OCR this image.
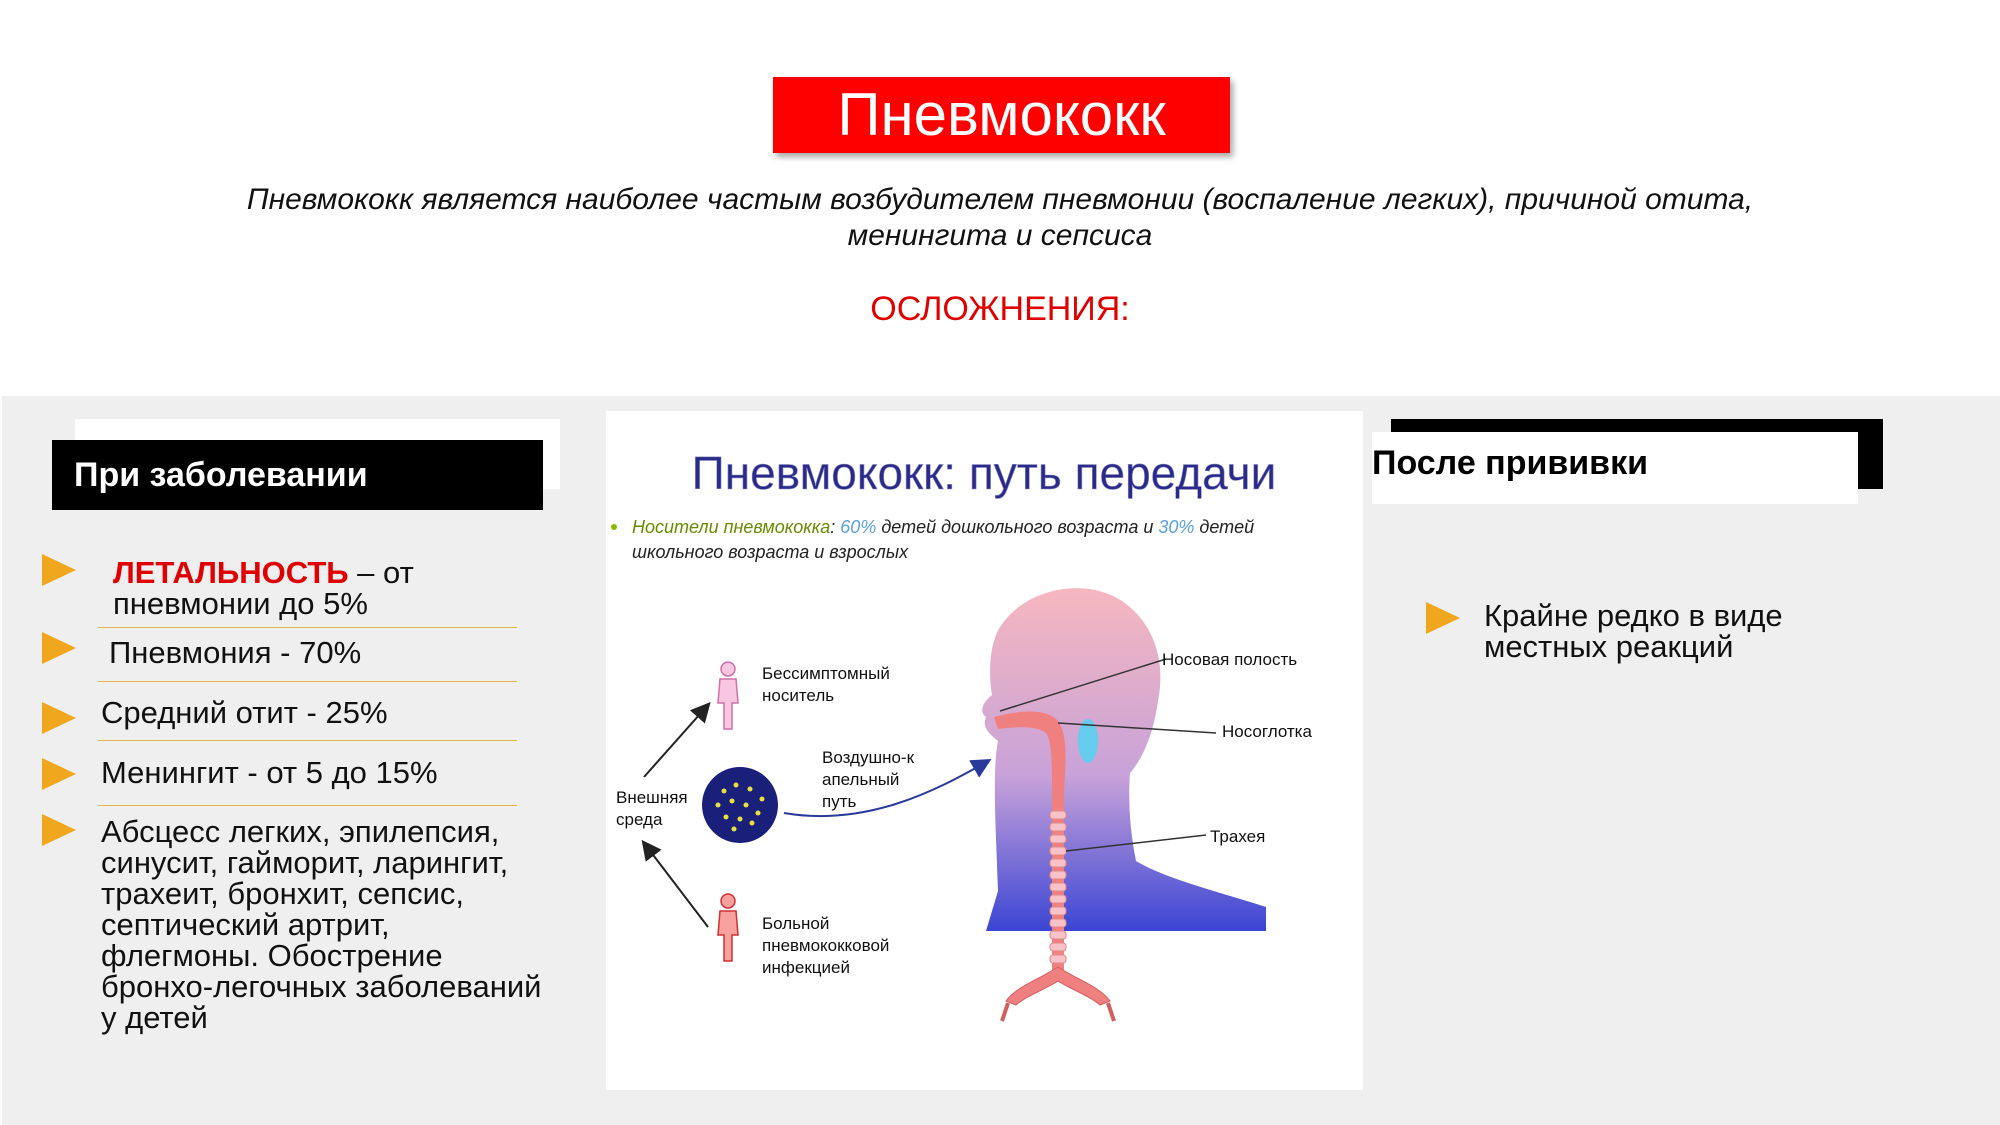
Пневмококк
Пневмококк является наиболее частым возбудителем пневмонии (воспаление легких), причиной отита,
менингита и сепсиса
ОСЛОЖНЕНИЯ:
При заболевании
ЛЕТАЛЬНОСТЬ – от
пневмонии до 5%
Пневмония - 70%
Средний отит - 25%
Менингит - от 5 до 15%
Абсцесс легких, эпилепсия,
синусит, гайморит, ларингит,
трахеит, бронхит, сепсис,
септический артрит,
флегмоны. Обострение
бронхо-легочных заболеваний
у детей
Пневмококк: путь передачи
Носители пневмококка: 60% детей дошкольного возраста и 30% детей
школьного возраста и взрослых
Носовая полость
Носоглотка
Трахея
Бессимптомный носитель
Воздушно-к апельный путь
Внешняя среда
Больной пневмококковой инфекцией
После прививки
Крайне редко в виде
местных реакций
